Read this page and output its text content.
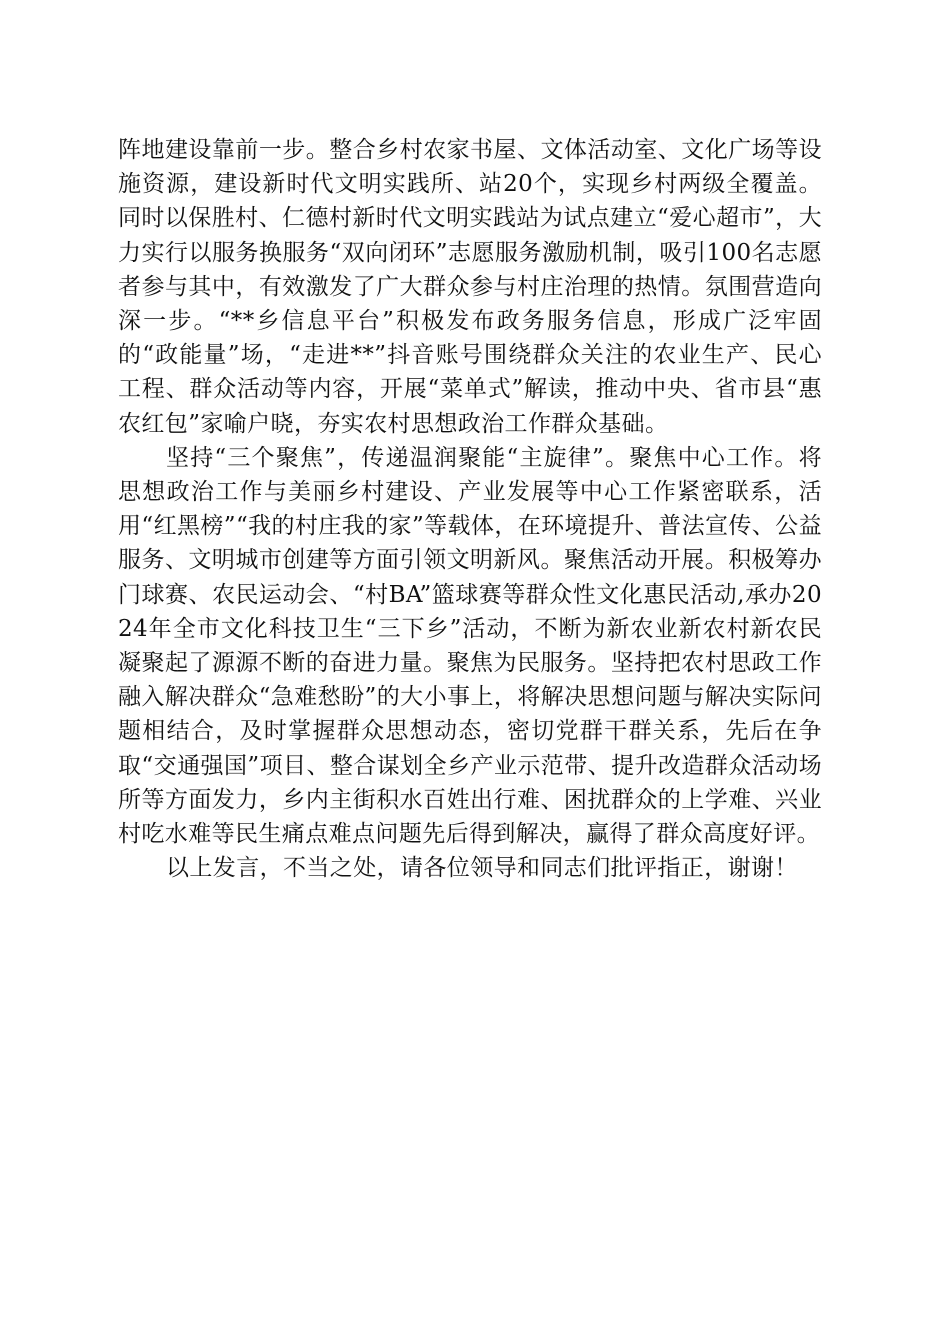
阵地建设靠前一步。整合乡村农家书屋、文体活动室、文化广场等设施资源，建设新时代文明实践所、站20个，实现乡村两级全覆盖。同时以保胜村、仁德村新时代文明实践站为试点建立“爱心超市”，大力实行以服务换服务“双向闭环”志愿服务激励机制，吸引100名志愿者参与其中，有效激发了广大群众参与村庄治理的热情。氛围营造向深一步。“**乡信息平台”积极发布政务服务信息，形成广泛牢固的“政能量”场，“走进**”抖音账号围绕群众关注的农业生产、民心工程、群众活动等内容，开展“菜单式”解读，推动中央、省市县“惠农红包”家喻户晓，夯实农村思想政治工作群众基础。

坚持“三个聚焦”，传递温润聚能“主旋律”。聚焦中心工作。将思想政治工作与美丽乡村建设、产业发展等中心工作紧密联系，活用“红黑榜”“我的村庄我的家”等载体，在环境提升、普法宣传、公益服务、文明城市创建等方面引领文明新风。聚焦活动开展。积极筹办门球赛、农民运动会、“村BA”篮球赛等群众性文化惠民活动,承办2024年全市文化科技卫生“三下乡”活动，不断为新农业新农村新农民凝聚起了源源不断的奋进力量。聚焦为民服务。坚持把农村思政工作融入解决群众“急难愁盼”的大小事上，将解决思想问题与解决实际问题相结合，及时掌握群众思想动态，密切党群干群关系，先后在争取“交通强国”项目、整合谋划全乡产业示范带、提升改造群众活动场所等方面发力，乡内主街积水百姓出行难、困扰群众的上学难、兴业村吃水难等民生痛点难点问题先后得到解决，赢得了群众高度好评。

以上发言，不当之处，请各位领导和同志们批评指正，谢谢！
